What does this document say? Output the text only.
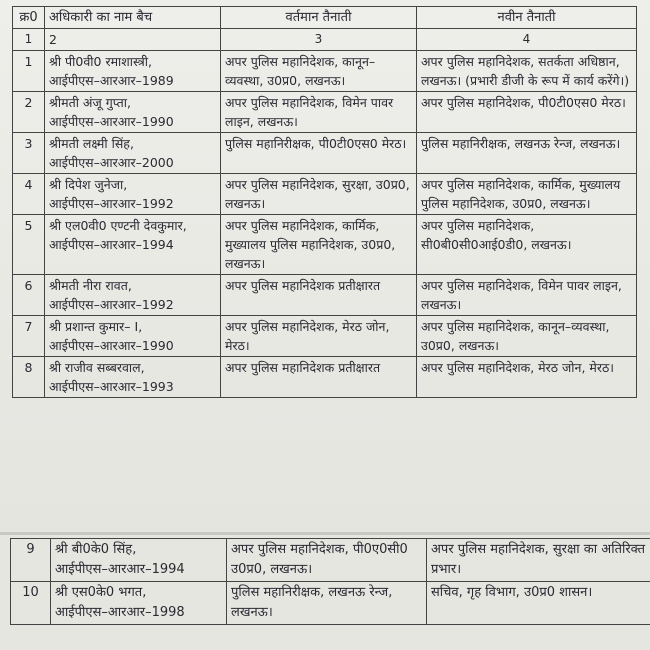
क्र0	अधिकारी का नाम बैच	वर्तमान तैनाती	नवीन तैनाती
1	2	3	4
1	श्री पी0वी0 रमाशास्त्री,
आईपीएस–आरआर–1989	अपर पुलिस महानिदेशक, कानून–व्यवस्था, उ0प्र0, लखनऊ।	अपर पुलिस महानिदेशक, सतर्कता अधिष्ठान, लखनऊ। (प्रभारी डीजी के रूप में कार्य करेंगे।)
2	श्रीमती अंजू गुप्ता,
आईपीएस–आरआर–1990	अपर पुलिस महानिदेशक, विमेन पावर लाइन, लखनऊ।	अपर पुलिस महानिदेशक, पी0टी0एस0 मेरठ।
3	श्रीमती लक्ष्मी सिंह,
आईपीएस–आरआर–2000	पुलिस महानिरीक्षक, पी0टी0एस0 मेरठ।	पुलिस महानिरीक्षक, लखनऊ रेन्ज, लखनऊ।
4	श्री दिपेश जुनेजा,
आईपीएस–आरआर–1992	अपर पुलिस महानिदेशक, सुरक्षा, उ0प्र0, लखनऊ।	अपर पुलिस महानिदेशक, कार्मिक, मुख्यालय पुलिस महानिदेशक, उ0प्र0, लखनऊ।
5	श्री एल0वी0 एण्टनी देवकुमार,
आईपीएस–आरआर–1994	अपर पुलिस महानिदेशक, कार्मिक, मुख्यालय पुलिस महानिदेशक, उ0प्र0, लखनऊ।	अपर पुलिस महानिदेशक, सी0बी0सी0आई0डी0, लखनऊ।
6	श्रीमती नीरा रावत,
आईपीएस–आरआर–1992	अपर पुलिस महानिदेशक प्रतीक्षारत	अपर पुलिस महानिदेशक, विमेन पावर लाइन, लखनऊ।
7	श्री प्रशान्त कुमार– I,
आईपीएस–आरआर–1990	अपर पुलिस महानिदेशक, मेरठ जोन, मेरठ।	अपर पुलिस महानिदेशक, कानून–व्यवस्था, उ0प्र0, लखनऊ।
8	श्री राजीव सब्बरवाल,
आईपीएस–आरआर–1993	अपर पुलिस महानिदेशक प्रतीक्षारत	अपर पुलिस महानिदेशक, मेरठ जोन, मेरठ।
9	श्री बी0के0 सिंह,
आईपीएस–आरआर–1994	अपर पुलिस महानिदेशक, पी0ए0सी0 उ0प्र0, लखनऊ।	अपर पुलिस महानिदेशक, सुरक्षा का अतिरिक्त प्रभार।
10	श्री एस0के0 भगत,
आईपीएस–आरआर–1998	पुलिस महानिरीक्षक, लखनऊ रेन्ज, लखनऊ।	सचिव, गृह विभाग, उ0प्र0 शासन।
